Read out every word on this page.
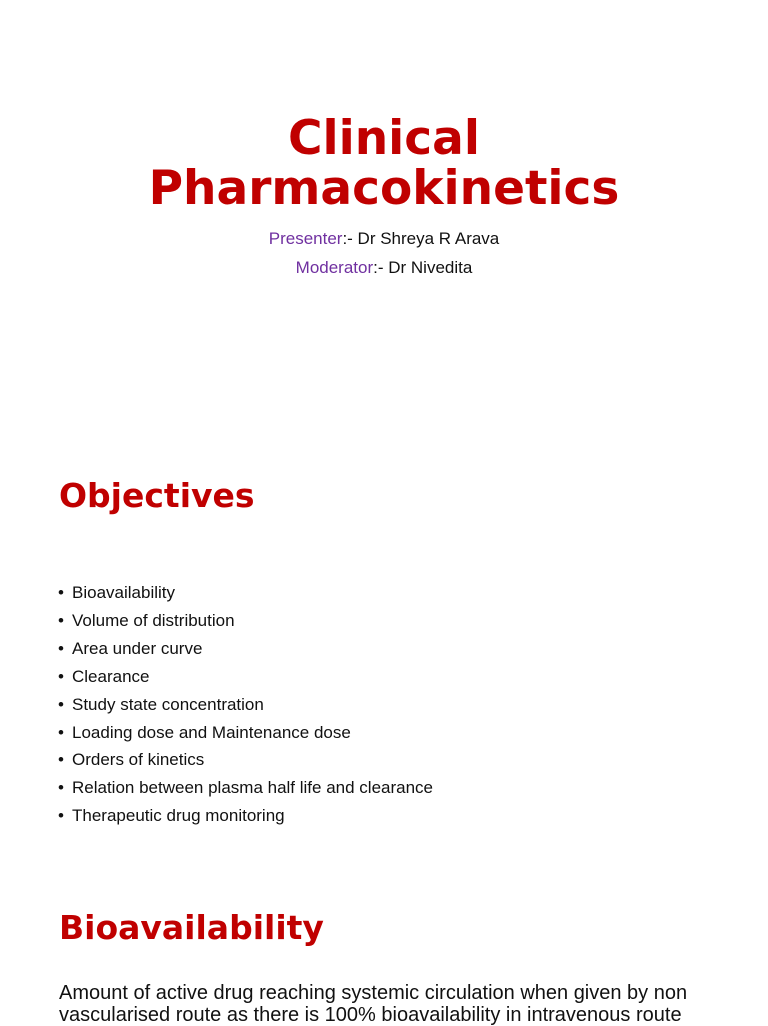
Clinical
Pharmacokinetics
Presenter:- Dr Shreya R Arava
Moderator:- Dr Nivedita
Objectives
• Bioavailability
• Volume of distribution
• Area under curve
• Clearance
• Study state concentration
• Loading dose and Maintenance dose
• Orders of kinetics
• Relation between plasma half life and clearance
• Therapeutic drug monitoring
Bioavailability

Amount of active drug reaching systemic circulation when given by non vascularised route as there is 100% bioavailability in intravenous route
